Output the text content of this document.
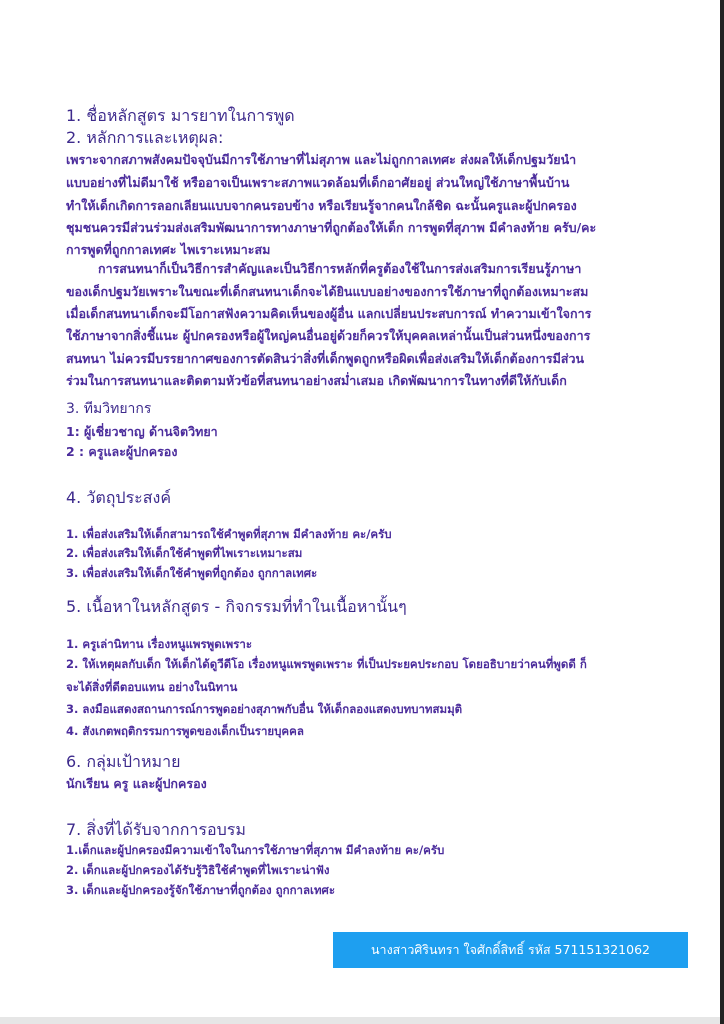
1. ชื่อหลักสูตร มารยาทในการพูด
2. หลักการและเหตุผล:
เพราะจากสภาพสังคมปัจจุบันมีการใช้ภาษาที่ไม่สุภาพ และไม่ถูกกาลเทศะ ส่งผลให้เด็กปฐมวัยนำ
แบบอย่างที่ไม่ดีมาใช้ หรืออาจเป็นเพราะสภาพแวดล้อมที่เด็กอาศัยอยู่ ส่วนใหญ่ใช้ภาษาพื้นบ้าน
ทำให้เด็กเกิดการลอกเลียนแบบจากคนรอบข้าง หรือเรียนรู้จากคนใกล้ชิด ฉะนั้นครูและผู้ปกครอง
ชุมชนควรมีส่วนร่วมส่งเสริมพัฒนาการทางภาษาที่ถูกต้องให้เด็ก การพูดที่สุภาพ มีคำลงท้าย ครับ/คะ
การพูดที่ถูกกาลเทศะ ไพเราะเหมาะสม
การสนทนาก็เป็นวิธีการสำคัญและเป็นวิธีการหลักที่ครูต้องใช้ในการส่งเสริมการเรียนรู้ภาษา
ของเด็กปฐมวัยเพราะในขณะที่เด็กสนทนาเด็กจะได้ยินแบบอย่างของการใช้ภาษาที่ถูกต้องเหมาะสม
เมื่อเด็กสนทนาเด็กจะมีโอกาสฟังความคิดเห็นของผู้อื่น แลกเปลี่ยนประสบการณ์ ทำความเข้าใจการ
ใช้ภาษาจากสิ่งชี้แนะ ผู้ปกครองหรือผู้ใหญ่คนอื่นอยู่ด้วยก็ควรให้บุคคลเหล่านั้นเป็นส่วนหนึ่งของการ
สนทนา ไม่ควรมีบรรยากาศของการตัดสินว่าสิ่งที่เด็กพูดถูกหรือผิดเพื่อส่งเสริมให้เด็กต้องการมีส่วน
ร่วมในการสนทนาและติดตามหัวข้อที่สนทนาอย่างสม่ำเสมอ เกิดพัฒนาการในทางที่ดีให้กับเด็ก
3. ทีมวิทยากร
1: ผู้เชี่ยวชาญ ด้านจิตวิทยา
2 : ครูและผู้ปกครอง
4. วัตถุประสงค์
1. เพื่อส่งเสริมให้เด็กสามารถใช้คำพูดที่สุภาพ มีคำลงท้าย คะ/ครับ
2. เพื่อส่งเสริมให้เด็กใช้คำพูดที่ไพเราะเหมาะสม
3. เพื่อส่งเสริมให้เด็กใช้คำพูดที่ถูกต้อง ถูกกาลเทศะ
5. เนื้อหาในหลักสูตร - กิจกรรมที่ทำในเนื้อหานั้นๆ
1. ครูเล่านิทาน เรื่องหนูแพรพูดเพราะ
2. ให้เหตุผลกับเด็ก ให้เด็กได้ดูวีดีโอ เรื่องหนูแพรพูดเพราะ ที่เป็นประยคประกอบ โดยอธิบายว่าคนที่พูดดี ก็
จะได้สิ่งที่ดีตอบแทน อย่างในนิทาน
3. ลงมือแสดงสถานการณ์การพูดอย่างสุภาพกับอื่น ให้เด็กลองแสดงบทบาทสมมุติ
4. สังเกตพฤติกรรมการพูดของเด็กเป็นรายบุคคล
6. กลุ่มเป้าหมาย
นักเรียน ครู และผู้ปกครอง
7. สิ่งที่ได้รับจากการอบรม
1.เด็กและผู้ปกครองมีความเข้าใจในการใช้ภาษาที่สุภาพ มีคำลงท้าย คะ/ครับ
2. เด็กและผู้ปกครองได้รับรู้วิธิใช้คำพูดที่ไพเราะน่าฟัง
3. เด็กและผู้ปกครองรู้จักใช้ภาษาที่ถูกต้อง ถูกกาลเทศะ
นางสาวศิรินทรา ใจศักดิ์สิทธิ์ รหัส 571151321062
